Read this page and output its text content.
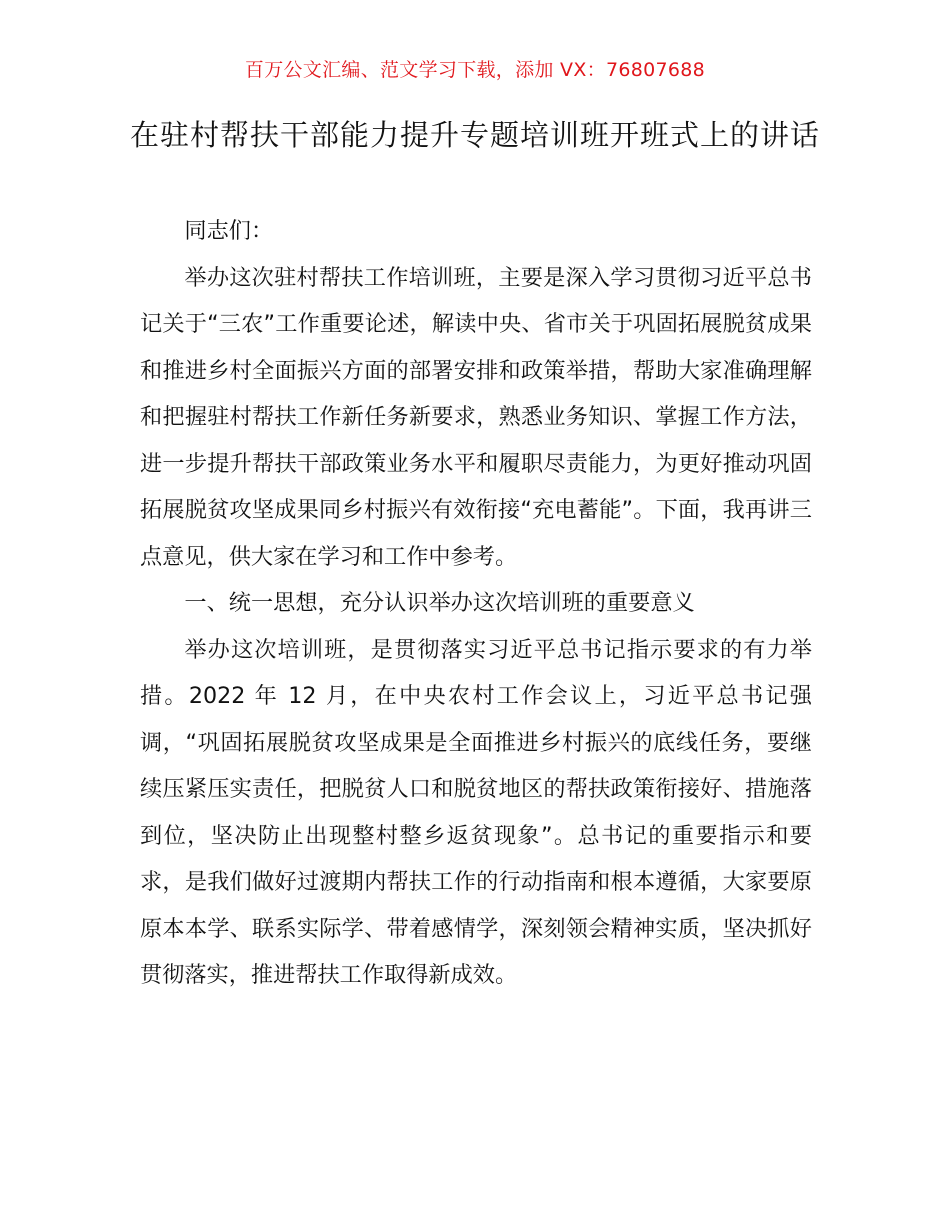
百万公文汇编、范文学习下载，添加 VX：76807688
在驻村帮扶干部能力提升专题培训班开班式上的讲话

同志们：

举办这次驻村帮扶工作培训班，主要是深入学习贯彻习近平总书记关于“三农”工作重要论述，解读中央、省市关于巩固拓展脱贫成果和推进乡村全面振兴方面的部署安排和政策举措，帮助大家准确理解和把握驻村帮扶工作新任务新要求，熟悉业务知识、掌握工作方法，进一步提升帮扶干部政策业务水平和履职尽责能力，为更好推动巩固拓展脱贫攻坚成果同乡村振兴有效衔接“充电蓄能”。下面，我再讲三点意见，供大家在学习和工作中参考。

一、统一思想，充分认识举办这次培训班的重要意义

举办这次培训班，是贯彻落实习近平总书记指示要求的有力举措。2022 年 12 月，在中央农村工作会议上，习近平总书记强调，“巩固拓展脱贫攻坚成果是全面推进乡村振兴的底线任务，要继续压紧压实责任，把脱贫人口和脱贫地区的帮扶政策衔接好、措施落到位，坚决防止出现整村整乡返贫现象”。总书记的重要指示和要求，是我们做好过渡期内帮扶工作的行动指南和根本遵循，大家要原原本本学、联系实际学、带着感情学，深刻领会精神实质，坚决抓好贯彻落实，推进帮扶工作取得新成效。
